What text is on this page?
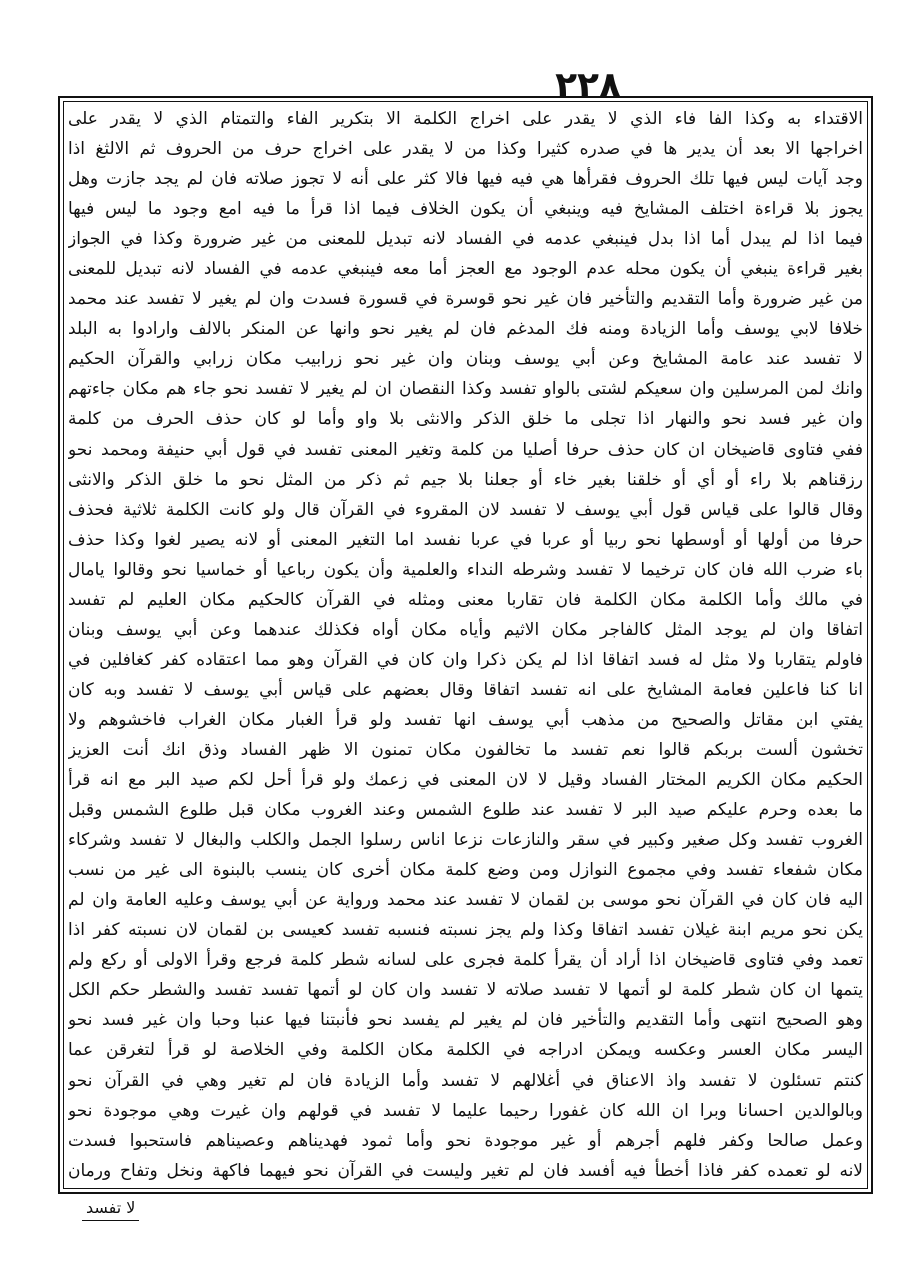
٢٢٨
الاقتداء به وكذا الفا فاء الذي لا يقدر على اخراج الكلمة الا بتكرير الفاء والتمتام الذي لا يقدر على
اخراجها الا بعد أن يدير ها في صدره كثيرا وكذا من لا يقدر على اخراج حرف من الحروف ثم الالثغ اذا
وجد آيات ليس فيها تلك الحروف فقرأها هي فيه فيها فالا كثر على أنه لا تجوز صلاته فان لم يجد جازت وهل
يجوز بلا قراءة اختلف المشايخ فيه وينبغي أن يكون الخلاف فيما اذا قرأ ما فيه امع وجود ما ليس فيها
فيما اذا لم يبدل أما اذا بدل فينبغي عدمه في الفساد لانه تبديل للمعنى من غير ضرورة وكذا في الجواز
بغير قراءة ينبغي أن يكون محله عدم الوجود مع العجز أما معه فينبغي عدمه في الفساد لانه تبديل للمعنى
من غير ضرورة وأما التقديم والتأخير فان غير نحو قوسرة في قسورة فسدت وان لم يغير لا تفسد عند محمد
خلافا لابي يوسف وأما الزيادة ومنه فك المدغم فان لم يغير نحو وانها عن المنكر بالالف وارادوا به البلد
لا تفسد عند عامة المشايخ وعن أبي يوسف وبنان وان غير نحو زرابيب مكان زرابي والقرآن الحكيم
وانك لمن المرسلين وان سعيكم لشتى بالواو تفسد وكذا النقصان ان لم يغير لا تفسد نحو جاء هم مكان جاءتهم
وان غير فسد نحو والنهار اذا تجلى ما خلق الذكر والانثى بلا واو وأما لو كان حذف الحرف من كلمة
ففي فتاوى قاضيخان ان كان حذف حرفا أصليا من كلمة وتغير المعنى تفسد في قول أبي حنيفة ومحمد نحو
رزقناهم بلا راء أو أي أو خلقنا بغير خاء أو جعلنا بلا جيم ثم ذكر من المثل نحو ما خلق الذكر والانثى
وقال قالوا على قياس قول أبي يوسف لا تفسد لان المقروء في القرآن قال ولو كانت الكلمة ثلاثية فحذف
حرفا من أولها أو أوسطها نحو ربيا أو عربا في عربا نفسد اما التغير المعنى أو لانه يصير لغوا وكذا حذف
باء ضرب الله فان كان ترخيما لا تفسد وشرطه النداء والعلمية وأن يكون رباعيا أو خماسيا نحو وقالوا يامال
في مالك وأما الكلمة مكان الكلمة فان تقاربا معنى ومثله في القرآن كالحكيم مكان العليم لم تفسد
اتفاقا وان لم يوجد المثل كالفاجر مكان الاثيم وأياه مكان أواه فكذلك عندهما وعن أبي يوسف وبنان
فاولم يتقاربا ولا مثل له فسد اتفاقا اذا لم يكن ذكرا وان كان في القرآن وهو مما اعتقاده كفر كغافلين في
انا كنا فاعلين فعامة المشايخ على انه تفسد اتفاقا وقال بعضهم على قياس أبي يوسف لا تفسد وبه كان
يفتي ابن مقاتل والصحيح من مذهب أبي يوسف انها تفسد ولو قرأ الغبار مكان الغراب فاخشوهم ولا
تخشون ألست بربكم قالوا نعم تفسد ما تخالفون مكان تمنون الا ظهر الفساد وذق انك أنت العزيز
الحكيم مكان الكريم المختار الفساد وقيل لا لان المعنى في زعمك ولو قرأ أحل لكم صيد البر مع انه قرأ
ما بعده وحرم عليكم صيد البر لا تفسد عند طلوع الشمس وعند الغروب مكان قبل طلوع الشمس وقبل
الغروب تفسد وكل صغير وكبير في سقر والنازعات نزعا اناس رسلوا الجمل والكلب والبغال لا تفسد وشركاء
مكان شفعاء تفسد وفي مجموع النوازل ومن وضع كلمة مكان أخرى كان ينسب بالبنوة الى غير من نسب
اليه فان كان في القرآن نحو موسى بن لقمان لا تفسد عند محمد ورواية عن أبي يوسف وعليه العامة وان لم
يكن نحو مريم ابنة غيلان تفسد اتفاقا وكذا ولم يجز نسبته فنسبه تفسد كعيسى بن لقمان لان نسبته كفر اذا
تعمد وفي فتاوى قاضيخان اذا أراد أن يقرأ كلمة فجرى على لسانه شطر كلمة فرجع وقرأ الاولى أو ركع ولم
يتمها ان كان شطر كلمة لو أتمها لا تفسد صلاته لا تفسد وان كان لو أتمها تفسد تفسد والشطر حكم الكل
وهو الصحيح انتهى وأما التقديم والتأخير فان لم يغير لم يفسد نحو فأنبتنا فيها عنبا وحبا وان غير فسد نحو
اليسر مكان العسر وعكسه ويمكن ادراجه في الكلمة مكان الكلمة وفي الخلاصة لو قرأ لتغرقن عما
كنتم تسئلون لا تفسد واذ الاعناق في أغلالهم لا تفسد وأما الزيادة فان لم تغير وهي في القرآن نحو
وبالوالدين احسانا وبرا ان الله كان غفورا رحيما عليما لا تفسد في قولهم وان غيرت وهي موجودة نحو
وعمل صالحا وكفر فلهم أجرهم أو غير موجودة نحو وأما ثمود فهديناهم وعصيناهم فاستحبوا فسدت
لانه لو تعمده كفر فاذا أخطأ فيه أفسد فان لم تغير وليست في القرآن نحو فيهما فاكهة ونخل وتفاح ورمان
لا تفسد
